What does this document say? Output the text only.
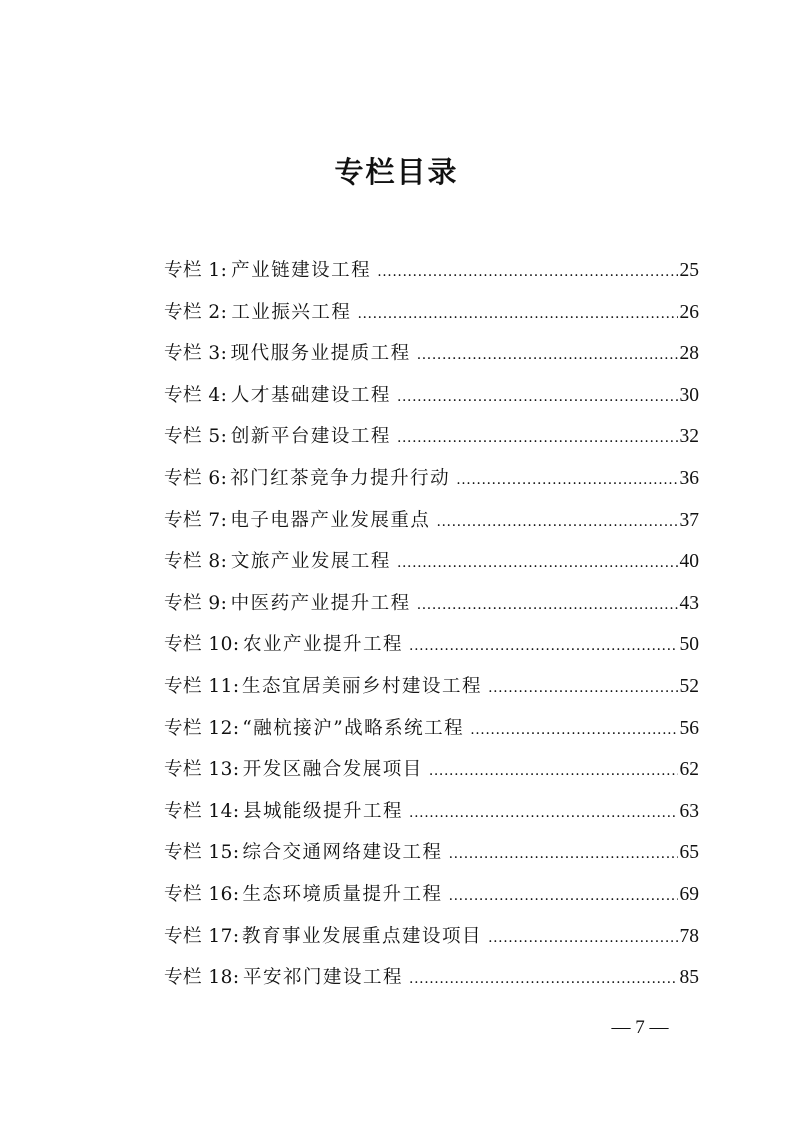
专栏目录
专栏 1: 产业链建设工程 .....	25
专栏 2: 工业振兴工程 .....	26
专栏 3: 现代服务业提质工程 .....	28
专栏 4: 人才基础建设工程 .....	30
专栏 5: 创新平台建设工程 .....	32
专栏 6: 祁门红茶竞争力提升行动 .....	36
专栏 7: 电子电器产业发展重点 .....	37
专栏 8: 文旅产业发展工程 .....	40
专栏 9: 中医药产业提升工程 .....	43
专栏 10: 农业产业提升工程 .....	50
专栏 11: 生态宜居美丽乡村建设工程 .....	52
专栏 12: “融杭接沪”战略系统工程 .....	56
专栏 13: 开发区融合发展项目 .....	62
专栏 14: 县城能级提升工程 .....	63
专栏 15: 综合交通网络建设工程 .....	65
专栏 16: 生态环境质量提升工程 .....	69
专栏 17: 教育事业发展重点建设项目 .....	78
专栏 18: 平安祁门建设工程 .....	85
— 7 —
